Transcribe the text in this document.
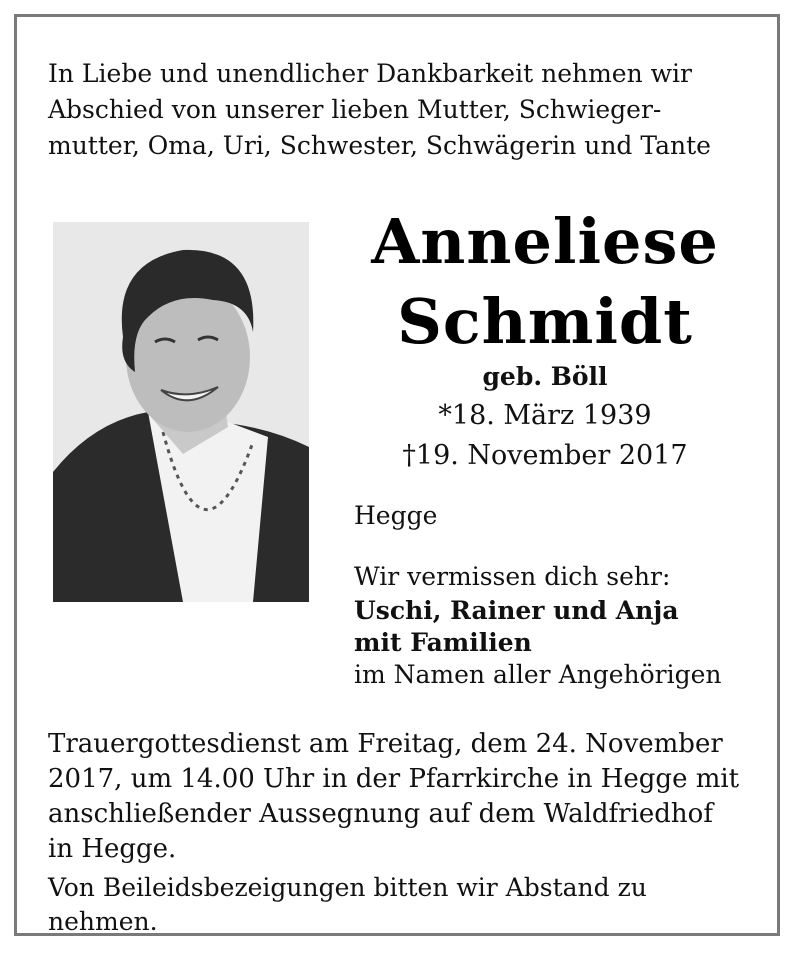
In Liebe und unendlicher Dankbarkeit nehmen wir
Abschied von unserer lieben Mutter, Schwieger-
mutter, Oma, Uri, Schwester, Schwägerin und Tante
Anneliese
Schmidt
geb. Böll
*18. März 1939
†19. November 2017
Hegge
Wir vermissen dich sehr:
Uschi, Rainer und Anja
mit Familien
im Namen aller Angehörigen
Trauergottesdienst am Freitag, dem 24. November
2017, um 14.00 Uhr in der Pfarrkirche in Hegge mit
anschließender Aussegnung auf dem Waldfriedhof
in Hegge.
Von Beileidsbezeigungen bitten wir Abstand zu nehmen.
